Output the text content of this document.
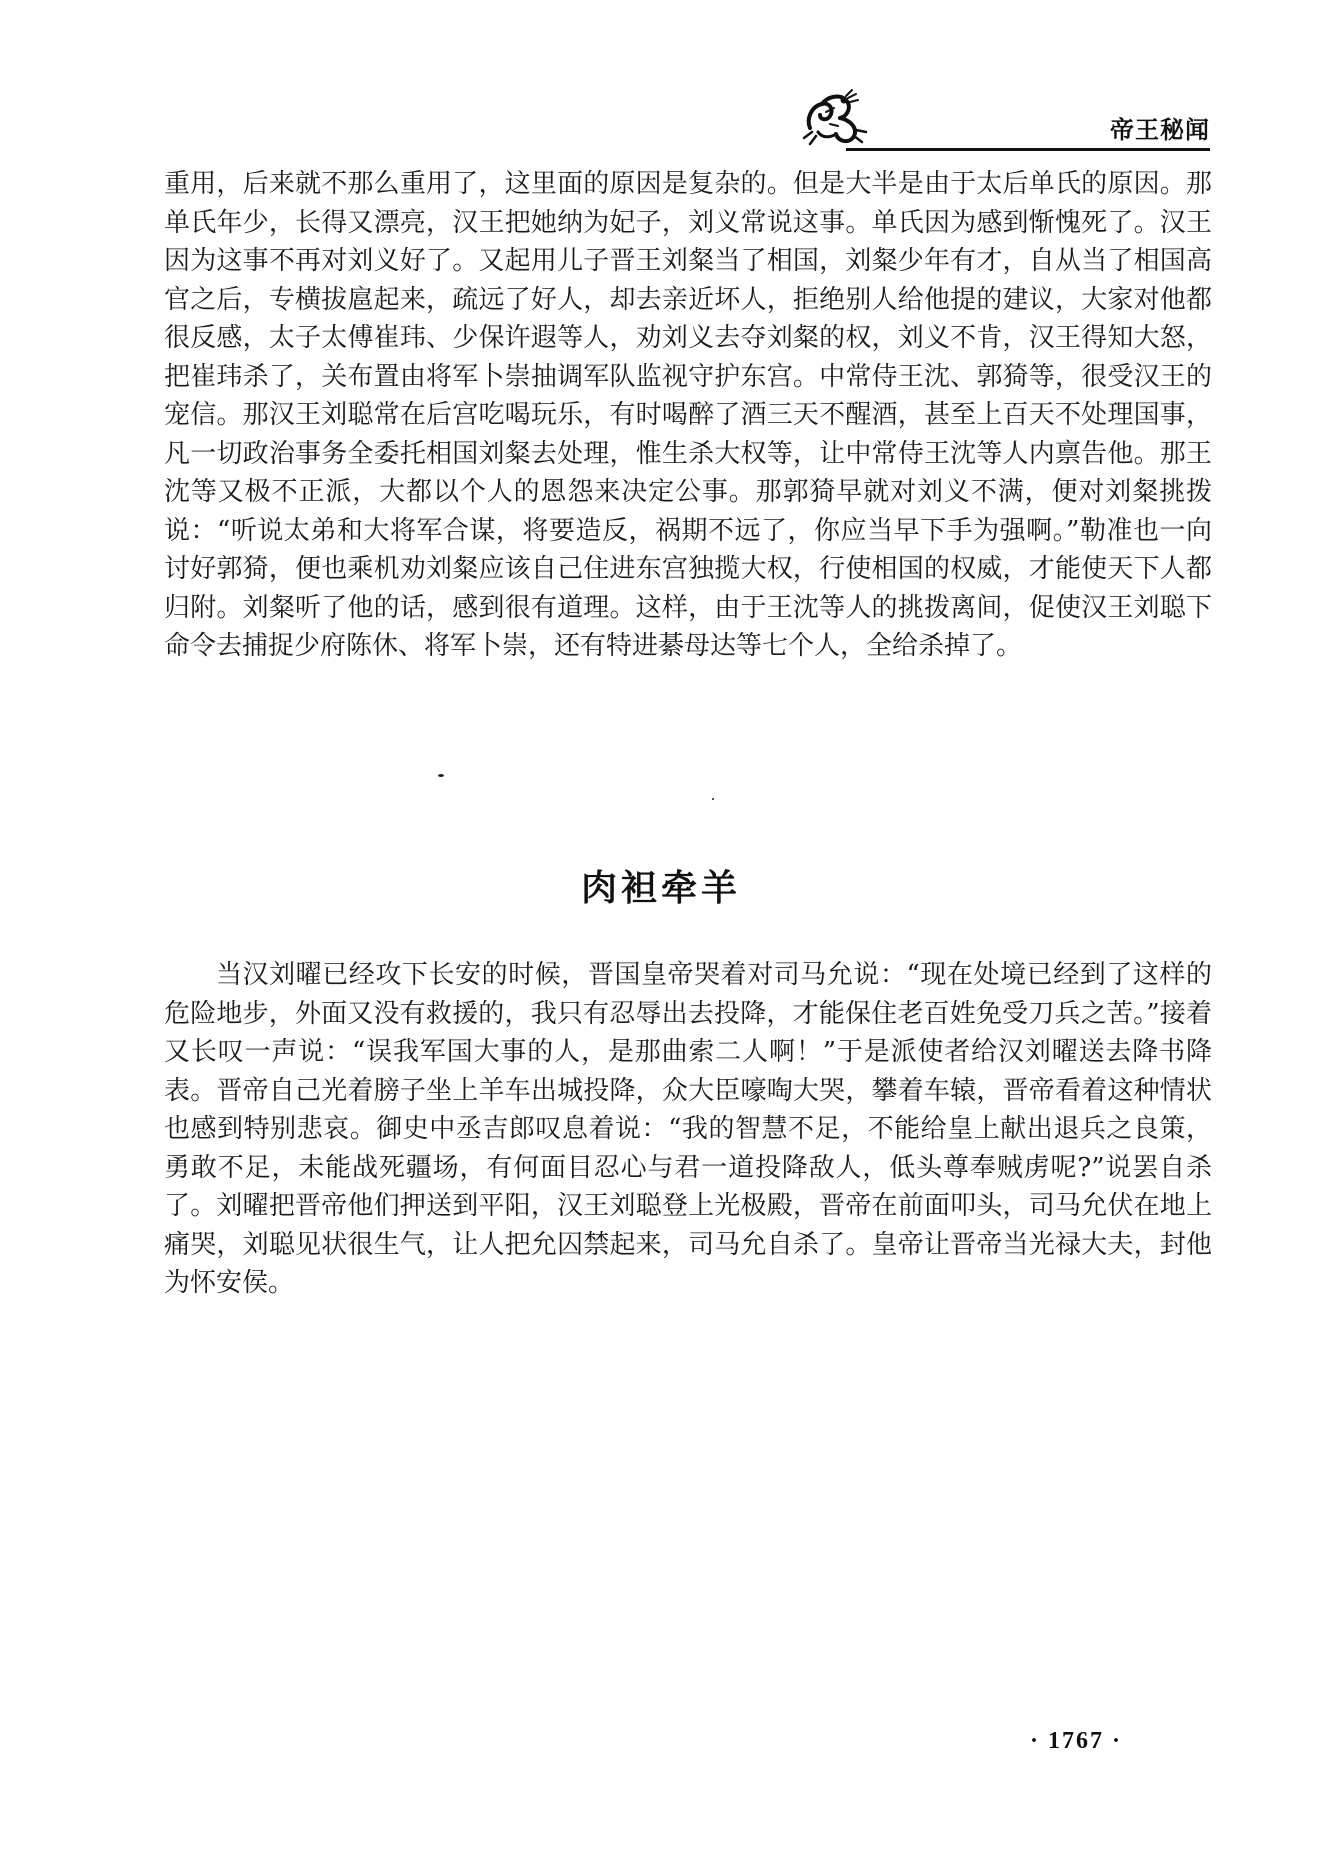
帝王秘闻

重用，后来就不那么重用了，这里面的原因是复杂的。但是大半是由于太后单氏的原因。那单氏年少，长得又漂亮，汉王把她纳为妃子，刘义常说这事。单氏因为感到惭愧死了。汉王因为这事不再对刘义好了。又起用儿子晋王刘粲当了相国，刘粲少年有才，自从当了相国高官之后，专横拔扈起来，疏远了好人，却去亲近坏人，拒绝别人给他提的建议，大家对他都很反感，太子太傅崔玮、少保许遐等人，劝刘义去夺刘粲的权，刘义不肯，汉王得知大怒，把崔玮杀了，关布置由将军卜崇抽调军队监视守护东宫。中常侍王沈、郭猗等，很受汉王的宠信。那汉王刘聪常在后宫吃喝玩乐，有时喝醉了酒三天不醒酒，甚至上百天不处理国事，凡一切政治事务全委托相国刘粲去处理，惟生杀大权等，让中常侍王沈等人内禀告他。那王沈等又极不正派，大都以个人的恩怨来决定公事。那郭猗早就对刘义不满，便对刘粲挑拨说：“听说太弟和大将军合谋，将要造反，祸期不远了，你应当早下手为强啊。”勒准也一向讨好郭猗，便也乘机劝刘粲应该自己住进东宫独揽大权，行使相国的权威，才能使天下人都归附。刘粲听了他的话，感到很有道理。这样，由于王沈等人的挑拨离间，促使汉王刘聪下命令去捕捉少府陈休、将军卜崇，还有特进綦母达等七个人，全给杀掉了。

肉袒牵羊

当汉刘曜已经攻下长安的时候，晋国皇帝哭着对司马允说：“现在处境已经到了这样的危险地步，外面又没有救援的，我只有忍辱出去投降，才能保住老百姓免受刀兵之苦。”接着又长叹一声说：“误我军国大事的人，是那曲索二人啊！”于是派使者给汉刘曜送去降书降表。晋帝自己光着膀子坐上羊车出城投降，众大臣嚎啕大哭，攀着车辕，晋帝看着这种情状也感到特别悲哀。御史中丞吉郎叹息着说：“我的智慧不足，不能给皇上献出退兵之良策，勇敢不足，未能战死疆场，有何面目忍心与君一道投降敌人，低头尊奉贼虏呢?”说罢自杀了。刘曜把晋帝他们押送到平阳，汉王刘聪登上光极殿，晋帝在前面叩头，司马允伏在地上痛哭，刘聪见状很生气，让人把允囚禁起来，司马允自杀了。皇帝让晋帝当光禄大夫，封他为怀安侯。

· 1767 ·
